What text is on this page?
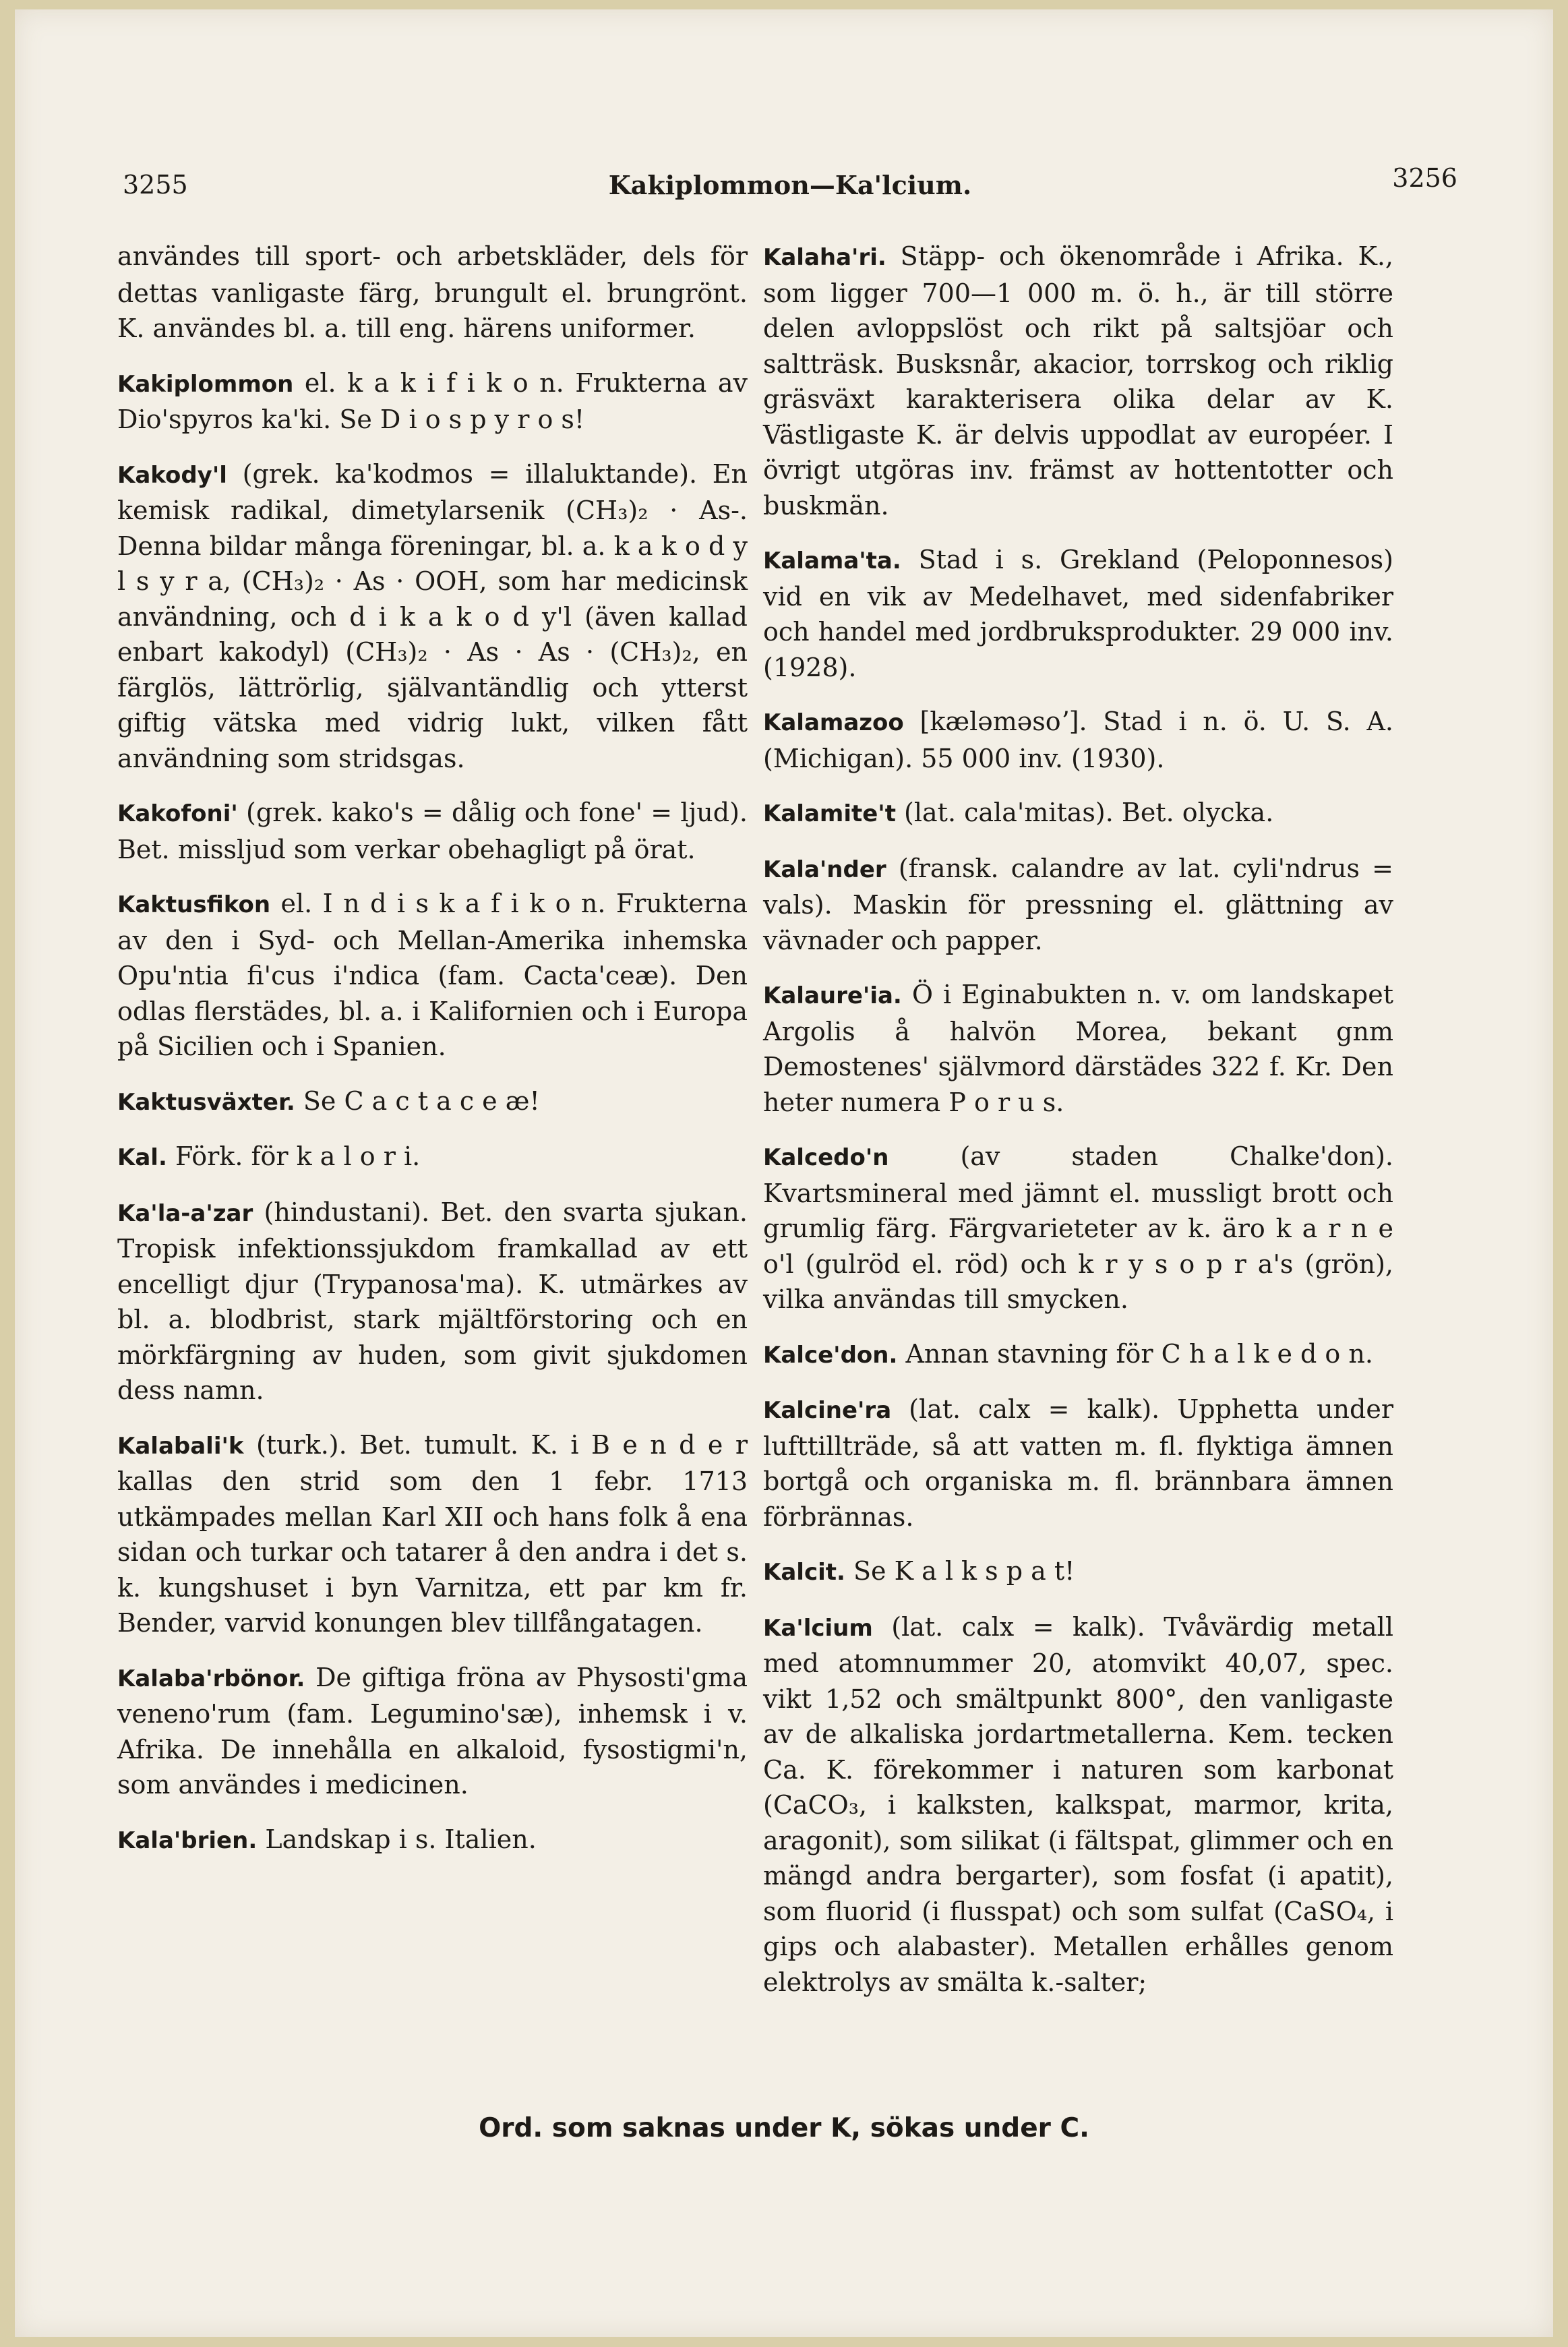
3255	Kakiplommon—Ka'lcium.	3256

användes till sport- och arbetskläder, dels för dettas vanligaste färg, brungult el. brungrönt. K. användes bl. a. till eng. härens uniformer.

Kakiplommon el. k a k i f i k o n. Frukterna av Dio'spyros ka'ki. Se D i o s p y r o s!

Kakody'l (grek. ka'kodmos = illaluktande). En kemisk radikal, dimetylarsenik (CH₃)₂ · As-. Denna bildar många föreningar, bl. a. k a k o d y l s y r a, (CH₃)₂ · As · OOH, som har medicinsk användning, och d i k a k o d y'l (även kallad enbart kakodyl) (CH₃)₂ · As · As · (CH₃)₂, en färglös, lättrörlig, självantändlig och ytterst giftig vätska med vidrig lukt, vilken fått användning som stridsgas.

Kakofoni' (grek. kako's = dålig och fone' = ljud). Bet. missljud som verkar obehagligt på örat.

Kaktusfikon el. I n d i s k a f i k o n. Frukterna av den i Syd- och Mellan-Amerika inhemska Opu'ntia fi'cus i'ndica (fam. Cacta'ceæ). Den odlas flerstädes, bl. a. i Kalifornien och i Europa på Sicilien och i Spanien.

Kaktusväxter. Se C a c t a c e æ!

Kal. Förk. för k a l o r i.

Ka'la-a'zar (hindustani). Bet. den svarta sjukan. Tropisk infektionssjukdom framkallad av ett encelligt djur (Trypanosa'ma). K. utmärkes av bl. a. blodbrist, stark mjältförstoring och en mörkfärgning av huden, som givit sjukdomen dess namn.

Kalabali'k (turk.). Bet. tumult. K. i B e n d e r kallas den strid som den 1 febr. 1713 utkämpades mellan Karl XII och hans folk å ena sidan och turkar och tatarer å den andra i det s. k. kungshuset i byn Varnitza, ett par km fr. Bender, varvid konungen blev tillfångatagen.

Kalaba'rbönor. De giftiga fröna av Physosti'gma veneno'rum (fam. Legumino'sæ), inhemsk i v. Afrika. De innehålla en alkaloid, fysostigmi'n, som användes i medicinen.

Kala'brien. Landskap i s. Italien.

Kalaha'ri. Stäpp- och ökenområde i Afrika. K., som ligger 700—1 000 m. ö. h., är till större delen avloppslöst och rikt på saltsjöar och saltträsk. Busksnår, akacior, torrskog och riklig gräsväxt karakterisera olika delar av K. Västligaste K. är delvis uppodlat av européer. I övrigt utgöras inv. främst av hottentotter och buskmän.

Kalama'ta. Stad i s. Grekland (Peloponnesos) vid en vik av Medelhavet, med sidenfabriker och handel med jordbruksprodukter. 29 000 inv. (1928).

Kalamazoo [kæləməsoʼ]. Stad i n. ö. U. S. A. (Michigan). 55 000 inv. (1930).

Kalamite't (lat. cala'mitas). Bet. olycka.

Kala'nder (fransk. calandre av lat. cyli'ndrus = vals). Maskin för pressning el. glättning av vävnader och papper.

Kalaure'ia. Ö i Eginabukten n. v. om landskapet Argolis å halvön Morea, bekant gnm Demostenes' självmord därstädes 322 f. Kr. Den heter numera P o r u s.

Kalcedo'n	(av staden Chalke'don). Kvartsmineral med jämnt el. mussligt brott och grumlig färg. Färgvarieteter av k. äro k a r n e o'l (gulröd el. röd) och k r y s o p r a's (grön), vilka användas till smycken.

Kalce'don. Annan stavning för C h a l k e d o n.

Kalcine'ra (lat. calx = kalk). Upphetta under lufttillträde, så att vatten m. fl. flyktiga ämnen bortgå och organiska m. fl. brännbara ämnen förbrännas.

Kalcit. Se K a l k s p a t!

Ka'lcium (lat. calx = kalk). Tvåvärdig metall med atomnummer 20, atomvikt 40,07, spec. vikt 1,52 och smältpunkt 800°, den vanligaste av de alkaliska jordartmetallerna. Kem. tecken Ca. K. förekommer i naturen som karbonat (CaCO₃, i kalksten, kalkspat, marmor, krita, aragonit), som silikat (i fältspat, glimmer och en mängd andra bergarter), som fosfat (i apatit), som fluorid (i flusspat) och som sulfat (CaSO₄, i gips och alabaster). Metallen erhålles genom elektrolys av smälta k.-salter;

Ord. som saknas under K, sökas under C.
